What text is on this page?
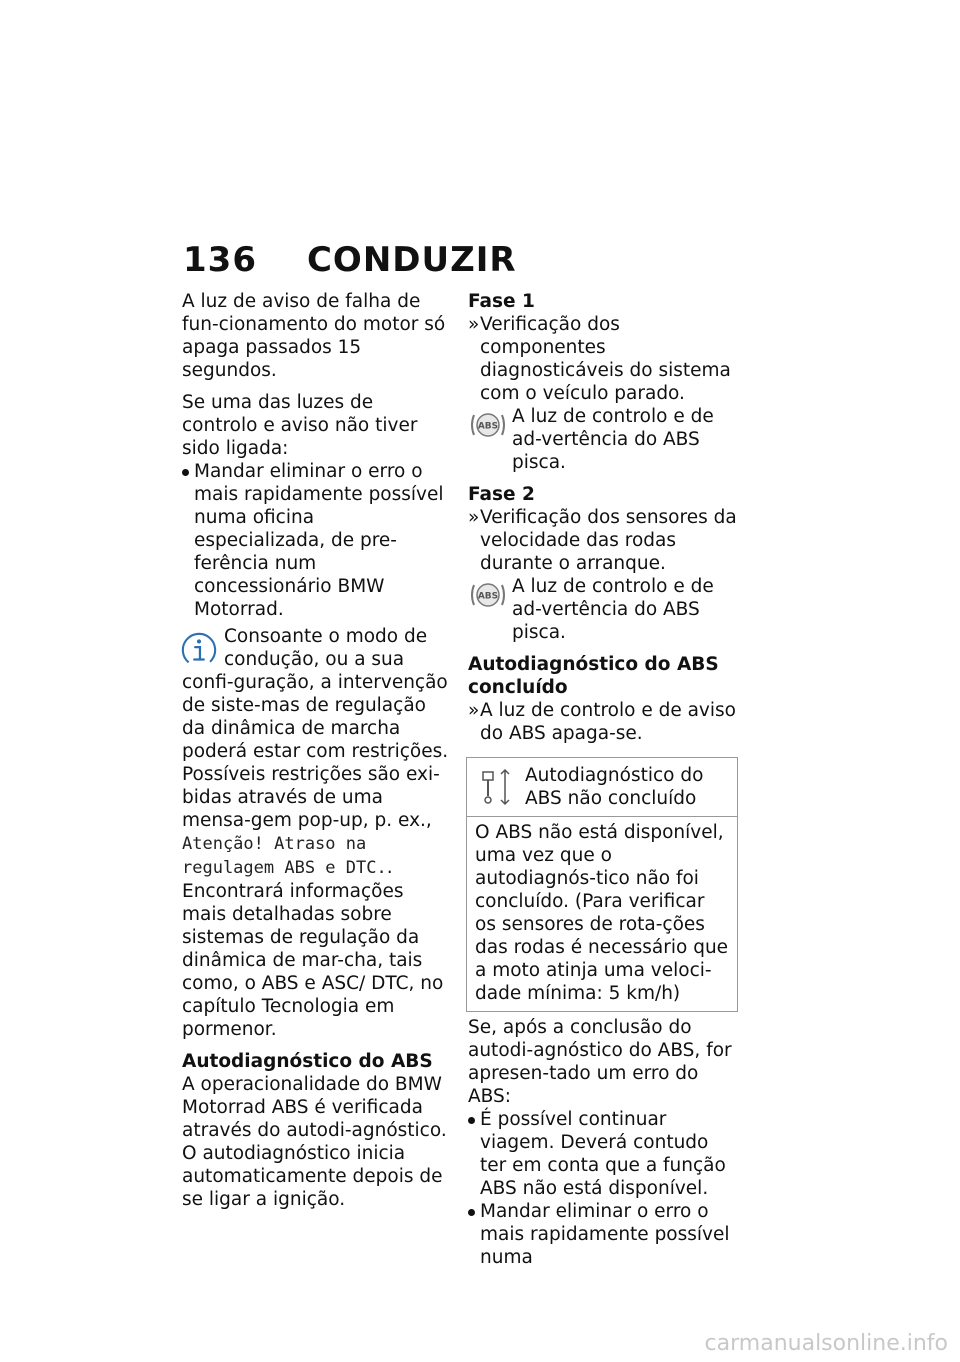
136 CONDUZIR

A luz de aviso de falha de fun-cionamento do motor só apaga passados 15 segundos.

Se uma das luzes de controlo e aviso não tiver sido ligada:

Mandar eliminar o erro o mais rapidamente possível numa oficina especializada, de pre-ferência num concessionário BMW Motorrad.

Consoante o modo de condução, ou a sua confi-guração, a intervenção de siste-mas de regulação da dinâmica de marcha poderá estar com restrições.

Possíveis restrições são exi-bidas através de uma mensa-gem pop-up, p. ex., Atenção! Atraso na regulagem ABS e DTC..

Encontrará informações mais detalhadas sobre sistemas de regulação da dinâmica de mar-cha, tais como, o ABS e ASC/ DTC, no capítulo Tecnologia em pormenor.

Autodiagnóstico do ABS

A operacionalidade do BMW Motorrad ABS é verificada através do autodi-agnóstico. O autodiagnóstico inicia automaticamente depois de se ligar a ignição.

Fase 1

» Verificação dos componentes diagnosticáveis do sistema com o veículo parado.

ABS A luz de controlo e de ad-vertência do ABS pisca.

Fase 2

» Verificação dos sensores da velocidade das rodas durante o arranque.

ABS A luz de controlo e de ad-vertência do ABS pisca.

Autodiagnóstico do ABS concluído

» A luz de controlo e de aviso do ABS apaga-se.

Autodiagnóstico do ABS não concluído
O ABS não está disponível, uma vez que o autodiagnós-tico não foi concluído. (Para verificar os sensores de rota-ções das rodas é necessário que a moto atinja uma veloci-dade mínima: 5 km/h)

Se, após a conclusão do autodi-agnóstico do ABS, for apresen-tado um erro do ABS:

É possível continuar viagem. Deverá contudo ter em conta que a função ABS não está disponível.

Mandar eliminar o erro o mais rapidamente possível numa

carmanualsonline.info
